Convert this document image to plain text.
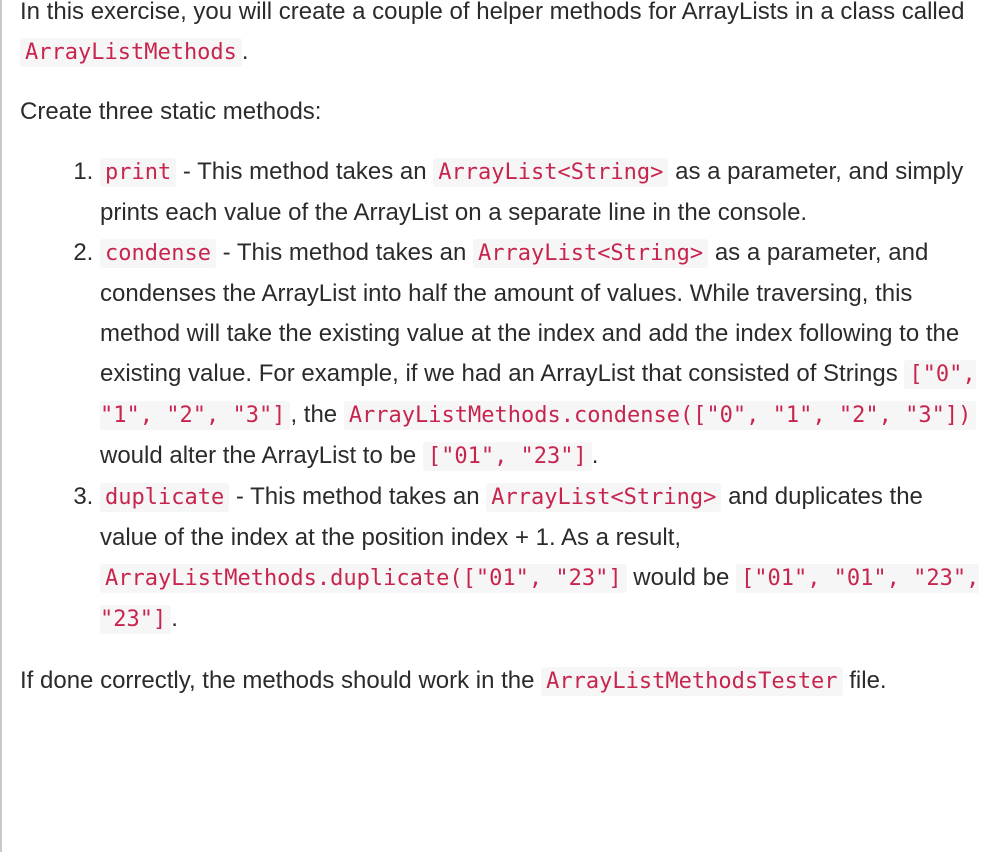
In this exercise, you will create a couple of helper methods for ArrayLists in a class called ArrayListMethods .

Create three static methods:

1. print - This method takes an ArrayList<String> as a parameter, and simply prints each value of the ArrayList on a separate line in the console.
2. condense - This method takes an ArrayList<String> as a parameter, and condenses the ArrayList into half the amount of values. While traversing, this method will take the existing value at the index and add the index following to the existing value. For example, if we had an ArrayList that consisted of Strings ["0", "1", "2", "3"] , the ArrayListMethods.condense(["0", "1", "2", "3"]) would alter the ArrayList to be ["01", "23"] .
3. duplicate - This method takes an ArrayList<String> and duplicates the value of the index at the position index + 1. As a result, ArrayListMethods.duplicate(["01", "23"] would be ["01", "01", "23", "23"] .

If done correctly, the methods should work in the ArrayListMethodsTester file.
